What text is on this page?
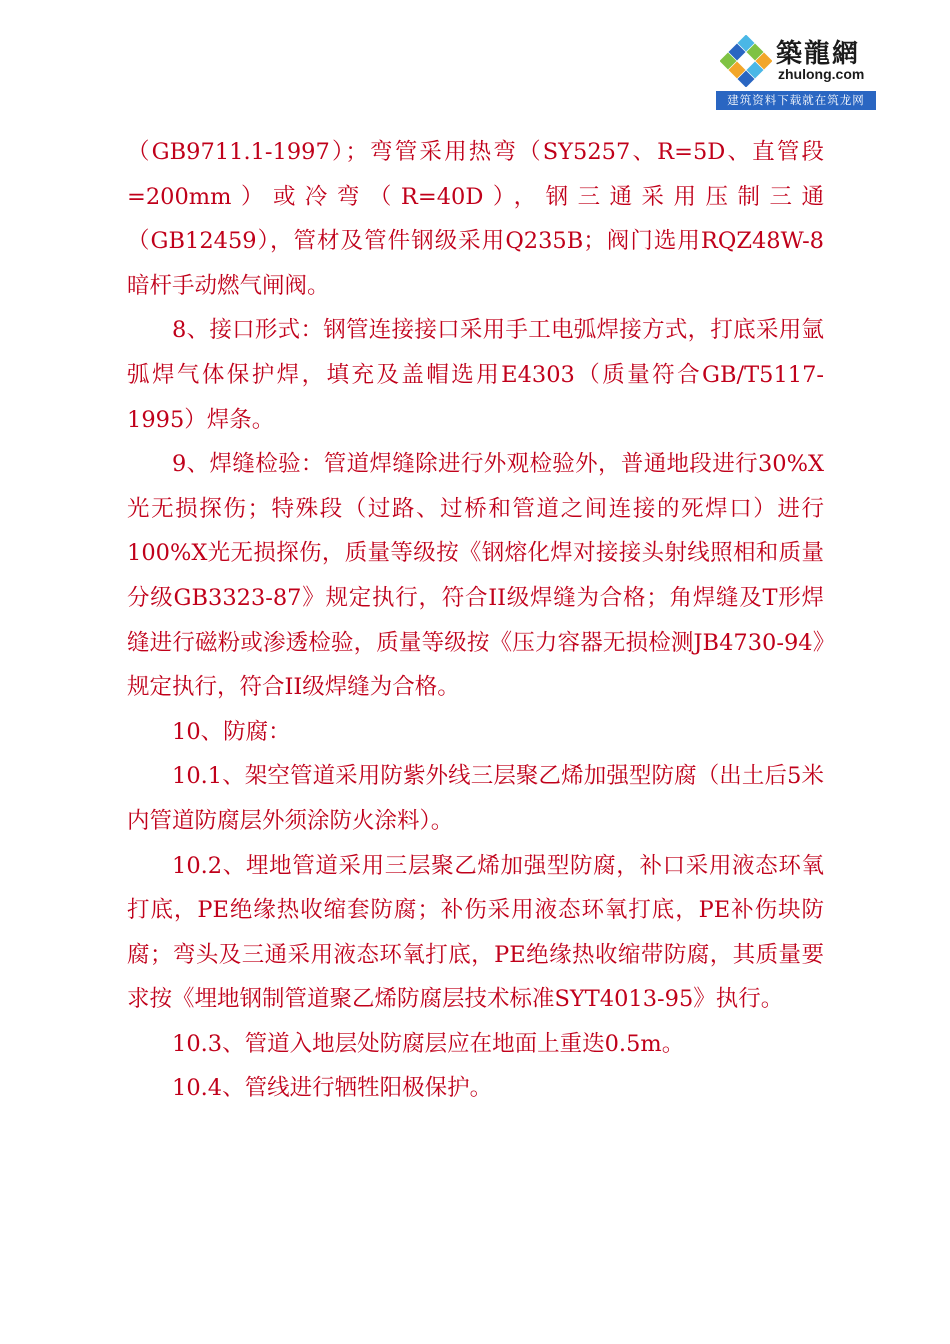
築龍網
zhulong.com
建筑资料下载就在筑龙网

（GB9711.1-1997）；弯管采用热弯（SY5257、R=5D、直管段=200mm）或冷弯（R=40D），钢三通采用压制三通（GB12459），管材及管件钢级采用Q235B；阀门选用RQZ48W-8暗杆手动燃气闸阀。

8、接口形式：钢管连接接口采用手工电弧焊接方式，打底采用氩弧焊气体保护焊，填充及盖帽选用E4303（质量符合GB/T5117-1995）焊条。

9、焊缝检验：管道焊缝除进行外观检验外，普通地段进行30%X光无损探伤；特殊段（过路、过桥和管道之间连接的死焊口）进行100%X光无损探伤，质量等级按《钢熔化焊对接接头射线照相和质量分级GB3323-87》规定执行，符合II级焊缝为合格；角焊缝及T形焊缝进行磁粉或渗透检验，质量等级按《压力容器无损检测JB4730-94》规定执行，符合II级焊缝为合格。

10、防腐：

10.1、架空管道采用防紫外线三层聚乙烯加强型防腐（出土后5米内管道防腐层外须涂防火涂料）。

10.2、埋地管道采用三层聚乙烯加强型防腐，补口采用液态环氧打底，PE绝缘热收缩套防腐；补伤采用液态环氧打底，PE补伤块防腐；弯头及三通采用液态环氧打底，PE绝缘热收缩带防腐，其质量要求按《埋地钢制管道聚乙烯防腐层技术标准SYT4013-95》执行。

10.3、管道入地层处防腐层应在地面上重迭0.5m。

10.4、管线进行牺牲阳极保护。
